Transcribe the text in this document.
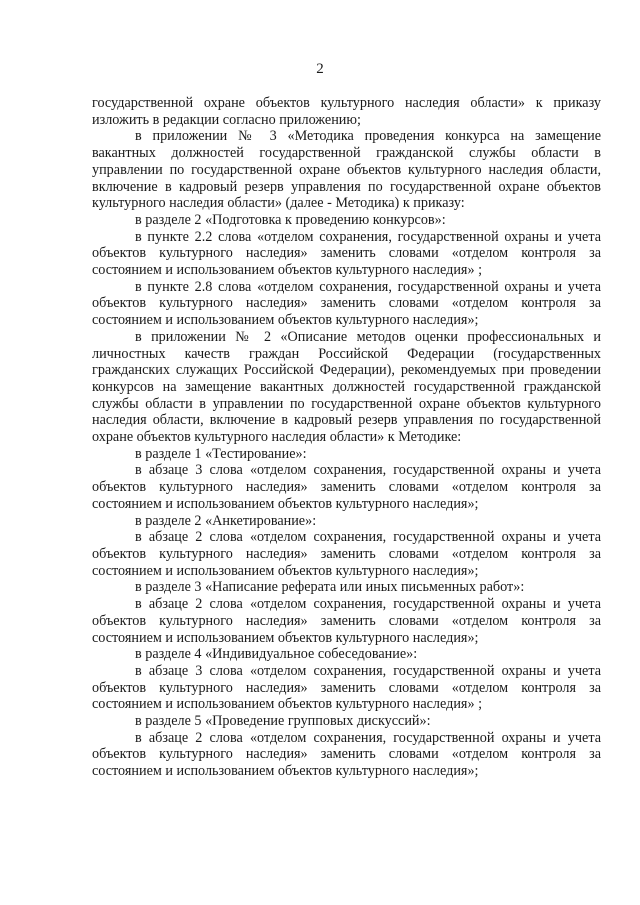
2

государственной охране объектов культурного наследия области» к приказу изложить в редакции согласно приложению;

в приложении № 3 «Методика проведения конкурса на замещение вакантных должностей государственной гражданской службы области в управлении по государственной охране объектов культурного наследия области, включение в кадровый резерв управления по государственной охране объектов культурного наследия области» (далее - Методика) к приказу:

в разделе 2 «Подготовка к проведению конкурсов»:

в пункте 2.2 слова «отделом сохранения, государственной охраны и учета объектов культурного наследия» заменить словами «отделом контроля за состоянием и использованием объектов культурного наследия» ;

в пункте 2.8 слова «отделом сохранения, государственной охраны и учета объектов культурного наследия» заменить словами «отделом контроля за состоянием и использованием объектов культурного наследия»;

в приложении № 2 «Описание методов оценки профессиональных и личностных качеств граждан Российской Федерации (государственных гражданских служащих Российской Федерации), рекомендуемых при проведении конкурсов на замещение вакантных должностей государственной гражданской службы области в управлении по государственной охране объектов культурного наследия области, включение в кадровый резерв управления по государственной охране объектов культурного наследия области» к Методике:

в разделе 1 «Тестирование»:

в абзаце 3 слова «отделом сохранения, государственной охраны и учета объектов культурного наследия» заменить словами «отделом контроля за состоянием и использованием объектов культурного наследия»;

в разделе 2 «Анкетирование»:

в абзаце 2 слова «отделом сохранения, государственной охраны и учета объектов культурного наследия» заменить словами «отделом контроля за состоянием и использованием объектов культурного наследия»;

в разделе 3 «Написание реферата или иных письменных работ»:

в абзаце 2 слова «отделом сохранения, государственной охраны и учета объектов культурного наследия» заменить словами «отделом контроля за состоянием и использованием объектов культурного наследия»;

в разделе 4 «Индивидуальное собеседование»:

в абзаце 3 слова «отделом сохранения, государственной охраны и учета объектов культурного наследия» заменить словами «отделом контроля за состоянием и использованием объектов культурного наследия» ;

в разделе 5 «Проведение групповых дискуссий»:

в абзаце 2 слова «отделом сохранения, государственной охраны и учета объектов культурного наследия» заменить словами «отделом контроля за состоянием и использованием объектов культурного наследия»;
